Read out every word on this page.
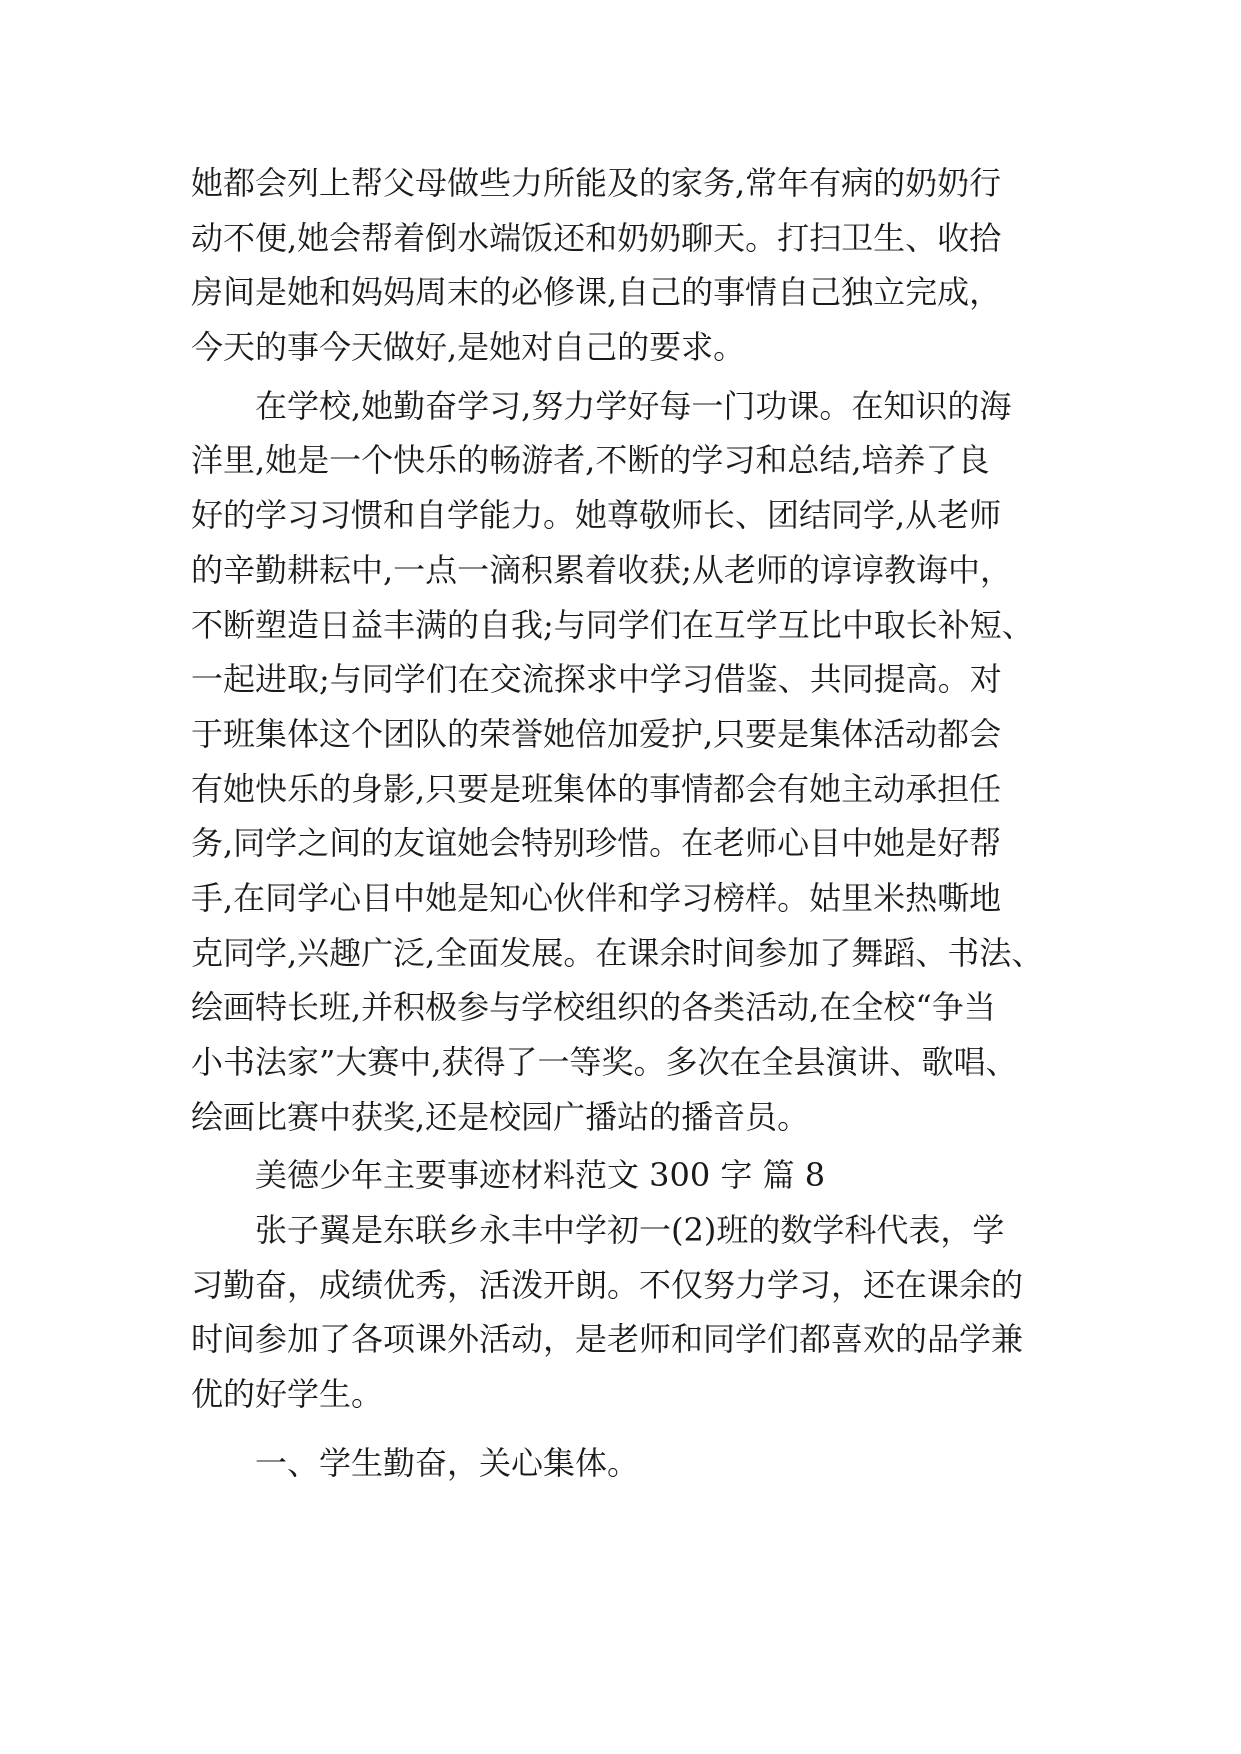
她都会列上帮父母做些力所能及的家务,常年有病的奶奶行
动不便,她会帮着倒水端饭还和奶奶聊天。打扫卫生、收拾
房间是她和妈妈周末的必修课,自己的事情自己独立完成，
今天的事今天做好,是她对自己的要求。
在学校,她勤奋学习,努力学好每一门功课。在知识的海
洋里,她是一个快乐的畅游者,不断的学习和总结,培养了良
好的学习习惯和自学能力。她尊敬师长、团结同学,从老师
的辛勤耕耘中,一点一滴积累着收获;从老师的谆谆教诲中，
不断塑造日益丰满的自我;与同学们在互学互比中取长补短、
一起进取;与同学们在交流探求中学习借鉴、共同提高。对
于班集体这个团队的荣誉她倍加爱护,只要是集体活动都会
有她快乐的身影,只要是班集体的事情都会有她主动承担任
务,同学之间的友谊她会特别珍惜。在老师心目中她是好帮
手,在同学心目中她是知心伙伴和学习榜样。姑里米热嘶地
克同学,兴趣广泛,全面发展。在课余时间参加了舞蹈、书法、
绘画特长班,并积极参与学校组织的各类活动,在全校“争当
小书法家”大赛中,获得了一等奖。多次在全县演讲、歌唱、
绘画比赛中获奖,还是校园广播站的播音员。
美德少年主要事迹材料范文 300 字 篇 8
张子翼是东联乡永丰中学初一(2)班的数学科代表，学
习勤奋，成绩优秀，活泼开朗。不仅努力学习，还在课余的
时间参加了各项课外活动，是老师和同学们都喜欢的品学兼
优的好学生。
一、学生勤奋，关心集体。
